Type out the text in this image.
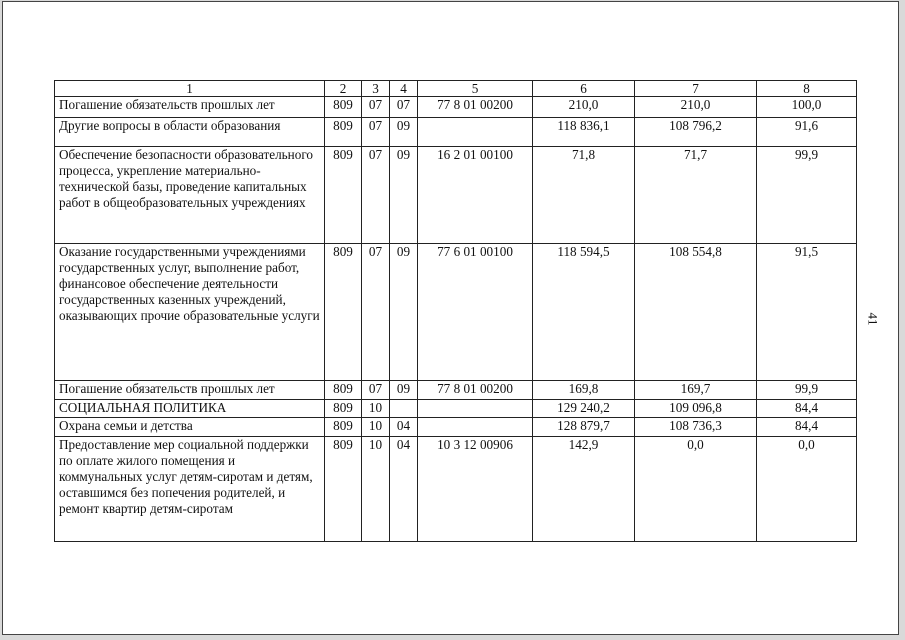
41
1	2	3	4	5	6	7	8
Погашение обязательств прошлых лет	809	07	07	77 8 01 00200	210,0	210,0	100,0
Другие вопросы в области образования	809	07	09		118 836,1	108 796,2	91,6
Обеспечение безопасности образовательного процесса, укрепление материально-технической базы, проведение капитальных работ в общеобразовательных учреждениях	809	07	09	16 2 01 00100	71,8	71,7	99,9
Оказание государственными учреждениями государственных услуг, выполнение работ, финансовое обеспечение деятельности государственных казенных учреждений, оказывающих прочие образовательные услуги	809	07	09	77 6 01 00100	118 594,5	108 554,8	91,5
Погашение обязательств прошлых лет	809	07	09	77 8 01 00200	169,8	169,7	99,9
СОЦИАЛЬНАЯ ПОЛИТИКА	809	10			129 240,2	109 096,8	84,4
Охрана семьи и детства	809	10	04		128 879,7	108 736,3	84,4
Предоставление мер социальной поддержки по оплате жилого помещения и коммунальных услуг детям-сиротам и детям, оставшимся без попечения родителей, и ремонт квартир детям-сиротам	809	10	04	10 3 12 00906	142,9	0,0	0,0
